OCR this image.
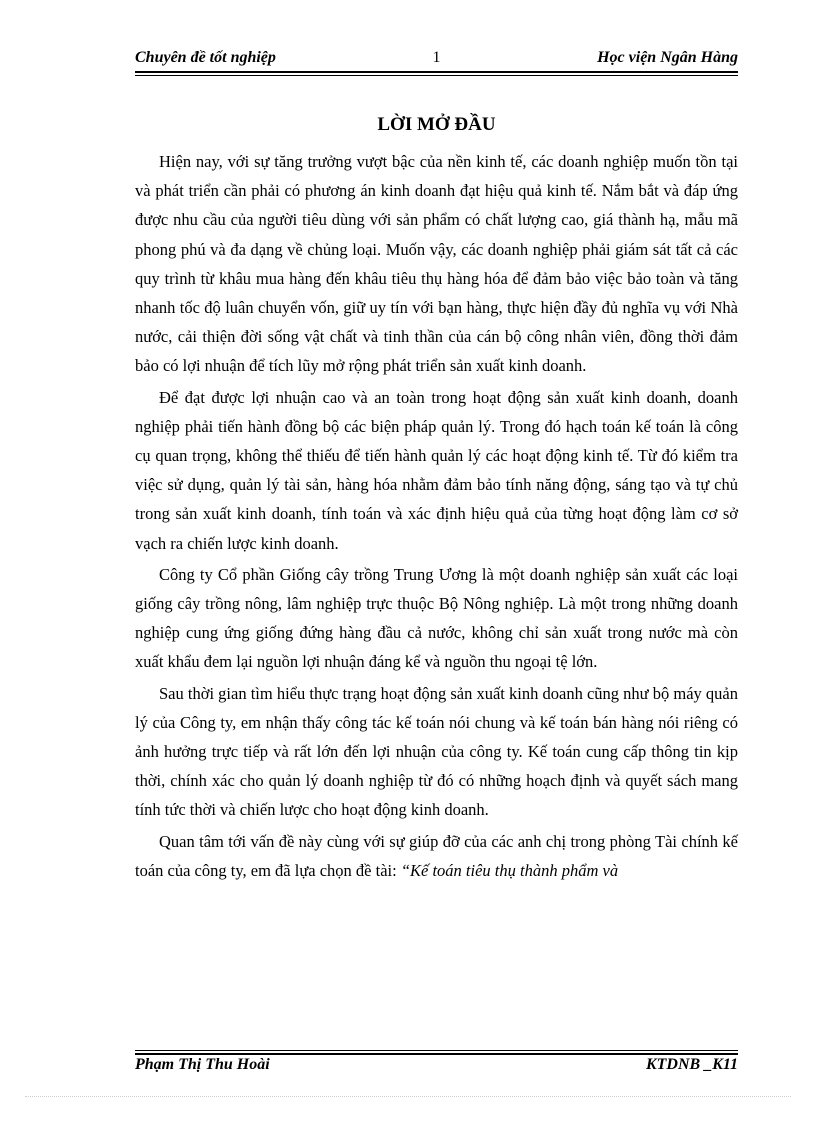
Chuyên đề tốt nghiệp	1	Học viện Ngân Hàng
LỜI MỞ ĐẦU

Hiện nay, với sự tăng trưởng vượt bậc của nền kinh tế, các doanh nghiệp muốn tồn tại và phát triển cần phải có phương án kinh doanh đạt hiệu quả kinh tế. Nắm bắt và đáp ứng được nhu cầu của người tiêu dùng với sản phẩm có chất lượng cao, giá thành hạ, mẫu mã phong phú và đa dạng về chủng loại. Muốn vậy, các doanh nghiệp phải giám sát tất cả các quy trình từ khâu mua hàng đến khâu tiêu thụ hàng hóa để đảm bảo việc bảo toàn và tăng nhanh tốc độ luân chuyển vốn, giữ uy tín với bạn hàng, thực hiện đầy đủ nghĩa vụ với Nhà nước, cải thiện đời sống vật chất và tinh thần của cán bộ công nhân viên, đồng thời đảm bảo có lợi nhuận để tích lũy mở rộng phát triển sản xuất kinh doanh.

Để đạt được lợi nhuận cao và an toàn trong hoạt động sản xuất kinh doanh, doanh nghiệp phải tiến hành đồng bộ các biện pháp quản lý. Trong đó hạch toán kế toán là công cụ quan trọng, không thể thiếu để tiến hành quản lý các hoạt động kinh tế. Từ đó kiểm tra việc sử dụng, quản lý tài sản, hàng hóa nhằm đảm bảo tính năng động, sáng tạo và tự chủ trong sản xuất kinh doanh, tính toán và xác định hiệu quả của từng hoạt động làm cơ sở vạch ra chiến lược kinh doanh.

Công ty Cổ phần Giống cây trồng Trung Ương là một doanh nghiệp sản xuất các loại giống cây trồng nông, lâm nghiệp trực thuộc Bộ Nông nghiệp. Là một trong những doanh nghiệp cung ứng giống đứng hàng đầu cả nước, không chỉ sản xuất trong nước mà còn xuất khẩu đem lại nguồn lợi nhuận đáng kể và nguồn thu ngoại tệ lớn.

Sau thời gian tìm hiểu thực trạng hoạt động sản xuất kinh doanh cũng như bộ máy quản lý của Công ty, em nhận thấy công tác kế toán nói chung và kế toán bán hàng nói riêng có ảnh hưởng trực tiếp và rất lớn đến lợi nhuận của công ty. Kế toán cung cấp thông tin kịp thời, chính xác cho quản lý doanh nghiệp từ đó có những hoạch định và quyết sách mang tính tức thời và chiến lược cho hoạt động kinh doanh.

Quan tâm tới vấn đề này cùng với sự giúp đỡ của các anh chị trong phòng Tài chính kế toán của công ty, em đã lựa chọn đề tài: “Kế toán tiêu thụ thành phẩm và

Phạm Thị Thu Hoài	KTDNB _K11
